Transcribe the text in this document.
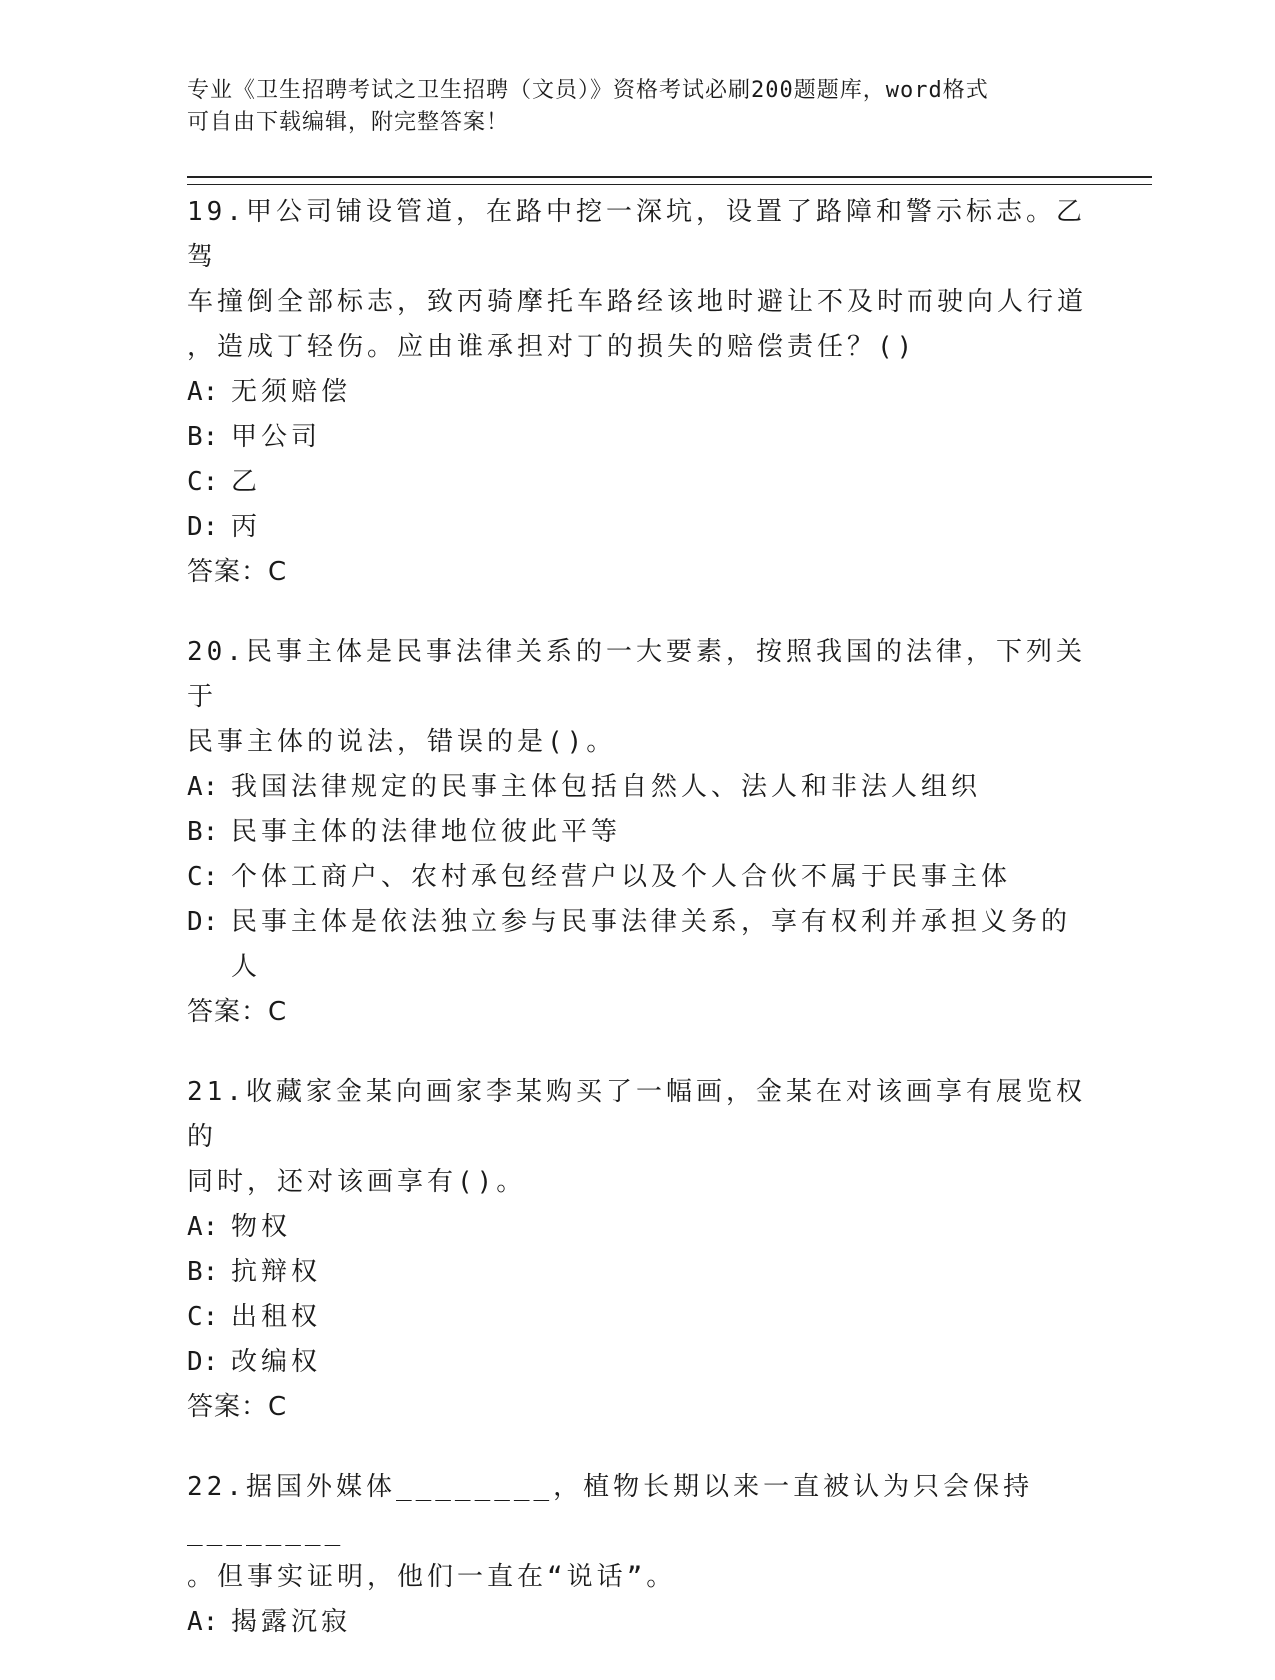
专业《卫生招聘考试之卫生招聘（文员）》资格考试必刷200题题库，word格式
可自由下载编辑，附完整答案！

19.甲公司铺设管道，在路中挖一深坑，设置了路障和警示标志。乙驾

车撞倒全部标志，致丙骑摩托车路经该地时避让不及时而驶向人行道

，造成丁轻伤。应由谁承担对丁的损失的赔偿责任？()

A: 无须赔偿
B: 甲公司
C: 乙
D: 丙

答案：C

20.民事主体是民事法律关系的一大要素，按照我国的法律，下列关于

民事主体的说法，错误的是()。

A: 我国法律规定的民事主体包括自然人、法人和非法人组织
B: 民事主体的法律地位彼此平等
C: 个体工商户、农村承包经营户以及个人合伙不属于民事主体
D: 民事主体是依法独立参与民事法律关系，享有权利并承担义务的人

答案：C

21.收藏家金某向画家李某购买了一幅画，金某在对该画享有展览权的

同时，还对该画享有()。

A: 物权
B: 抗辩权
C: 出租权
D: 改编权

答案：C

22.据国外媒体________，植物长期以来一直被认为只会保持________

。但事实证明，他们一直在“说话”。

A: 揭露沉寂
